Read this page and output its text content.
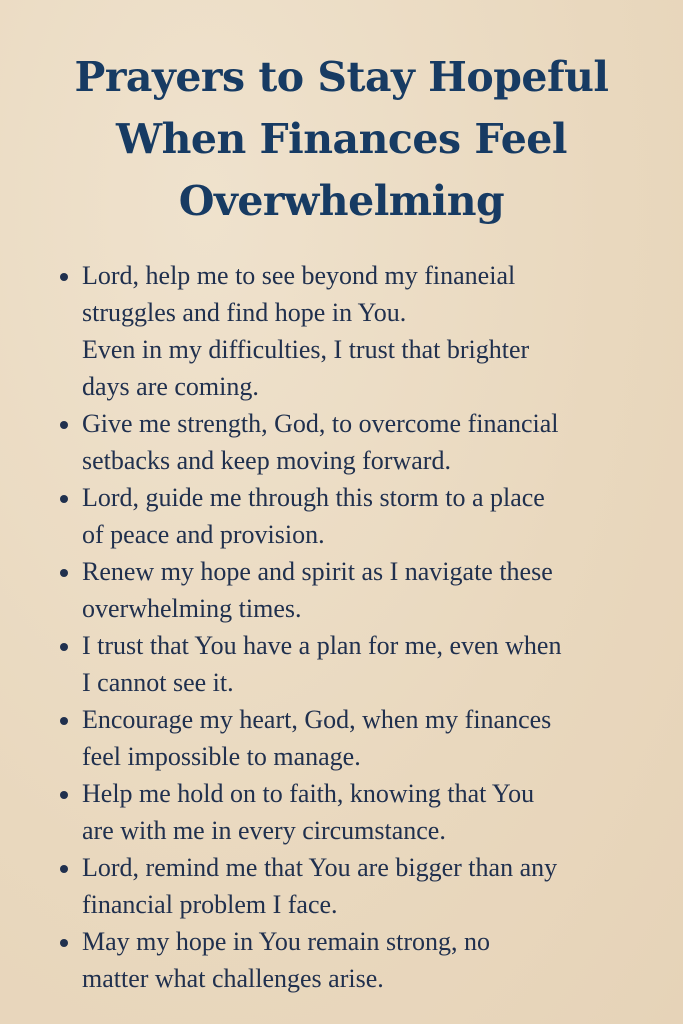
Prayers to Stay Hopeful
When Finances Feel
Overwhelming
Lord, help me to see beyond my finaneial
struggles and find hope in You.
Even in my difficulties, I trust that brighter
days are coming.
Give me strength, God, to overcome financial
setbacks and keep moving forward.
Lord, guide me through this storm to a place
of peace and provision.
Renew my hope and spirit as I navigate these
overwhelming times.
I trust that You have a plan for me, even when
I cannot see it.
Encourage my heart, God, when my finances
feel impossible to manage.
Help me hold on to faith, knowing that You
are with me in every circumstance.
Lord, remind me that You are bigger than any
financial problem I face.
May my hope in You remain strong, no
matter what challenges arise.
